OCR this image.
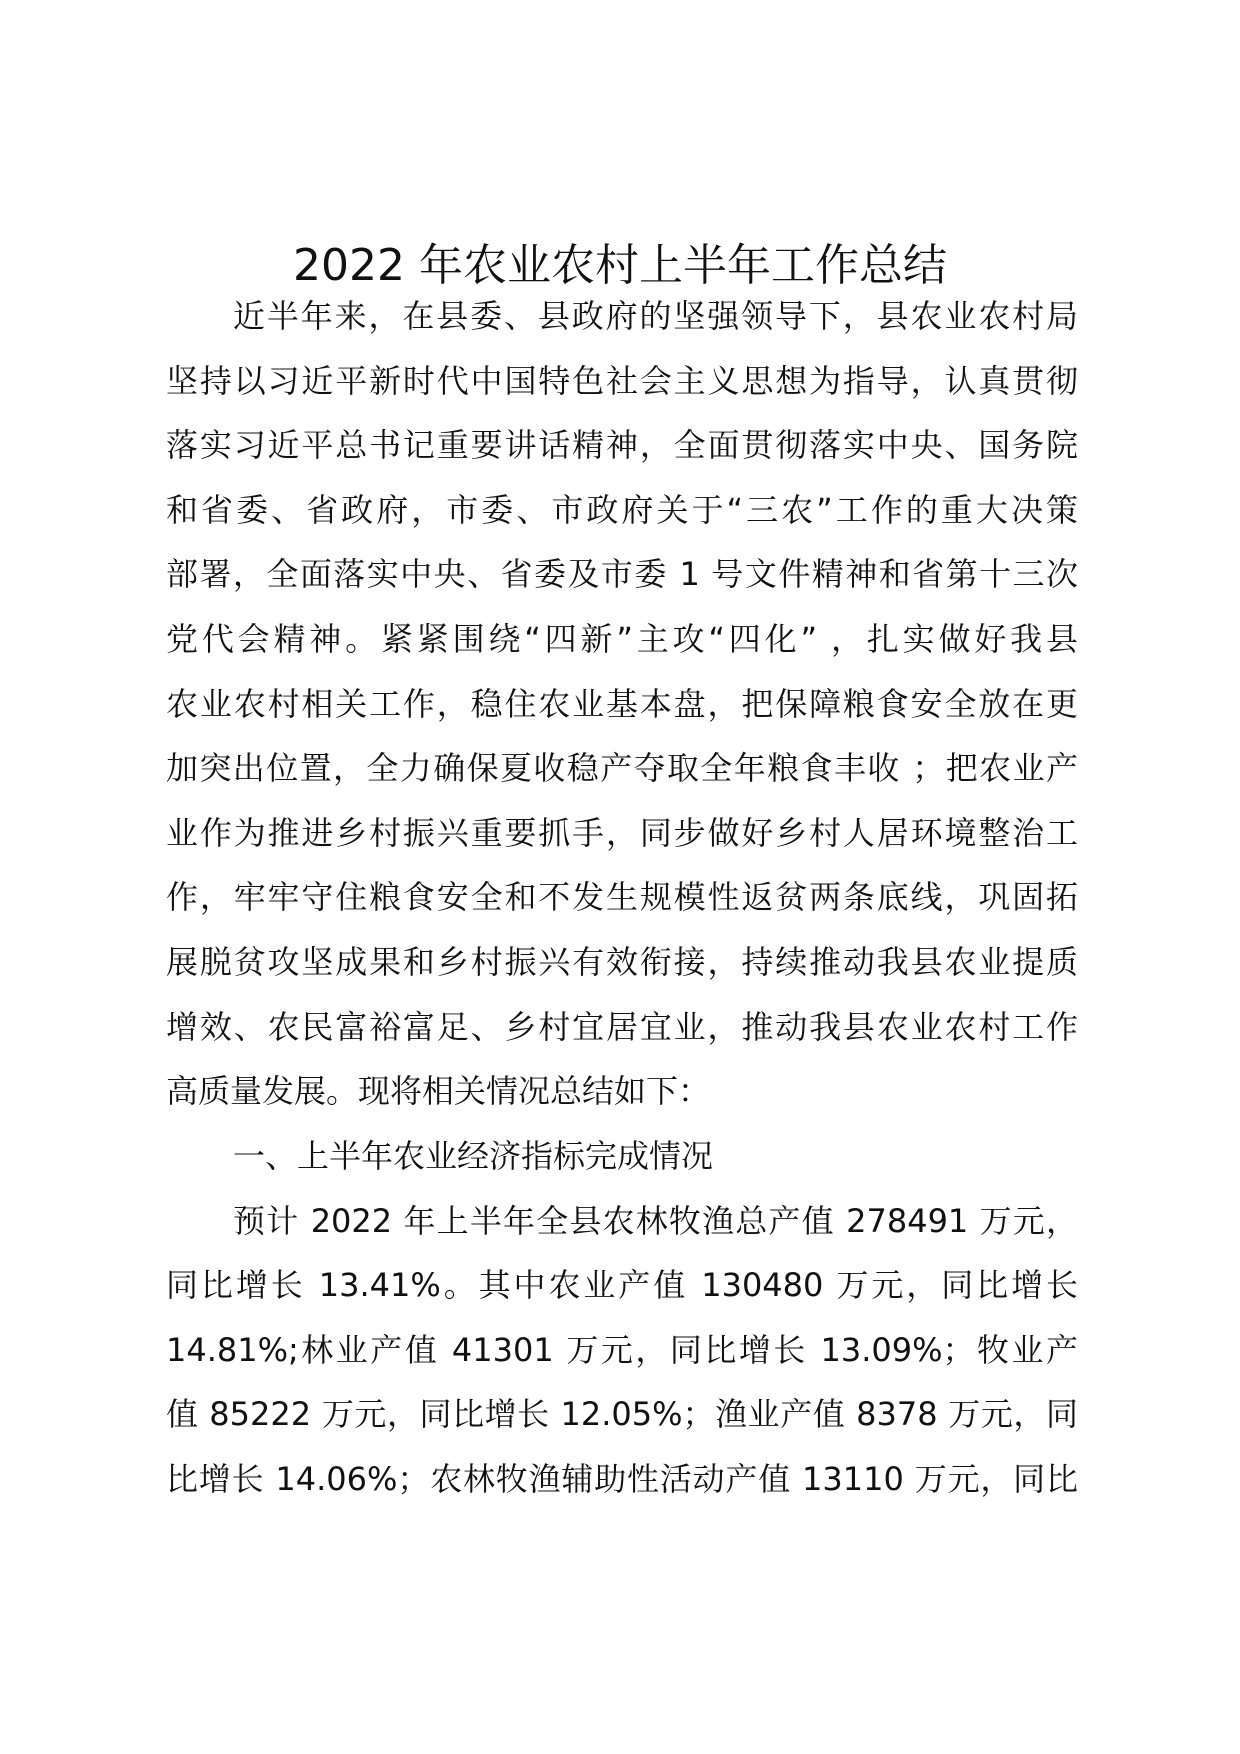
2022 年农业农村上半年工作总结
近半年来，在县委、县政府的坚强领导下，县农业农村局
坚持以习近平新时代中国特色社会主义思想为指导，认真贯彻
落实习近平总书记重要讲话精神，全面贯彻落实中央、国务院
和省委、省政府，市委、市政府关于“三农”工作的重大决策
部署，全面落实中央、省委及市委 1 号文件精神和省第十三次
党代会精神。紧紧围绕“四新”主攻“四化” ，扎实做好我县
农业农村相关工作，稳住农业基本盘，把保障粮食安全放在更
加突出位置，全力确保夏收稳产夺取全年粮食丰收 ；把农业产
业作为推进乡村振兴重要抓手，同步做好乡村人居环境整治工
作，牢牢守住粮食安全和不发生规模性返贫两条底线，巩固拓
展脱贫攻坚成果和乡村振兴有效衔接，持续推动我县农业提质
增效、农民富裕富足、乡村宜居宜业，推动我县农业农村工作
高质量发展。现将相关情况总结如下：
一、上半年农业经济指标完成情况
预计 2022 年上半年全县农林牧渔总产值 278491 万元，
同比增长 13.41%。其中农业产值 130480 万元，同比增长
14.81%;林业产值 41301 万元，同比增长 13.09%；牧业产
值 85222 万元，同比增长 12.05%；渔业产值 8378 万元，同
比增长 14.06%；农林牧渔辅助性活动产值 13110 万元，同比
